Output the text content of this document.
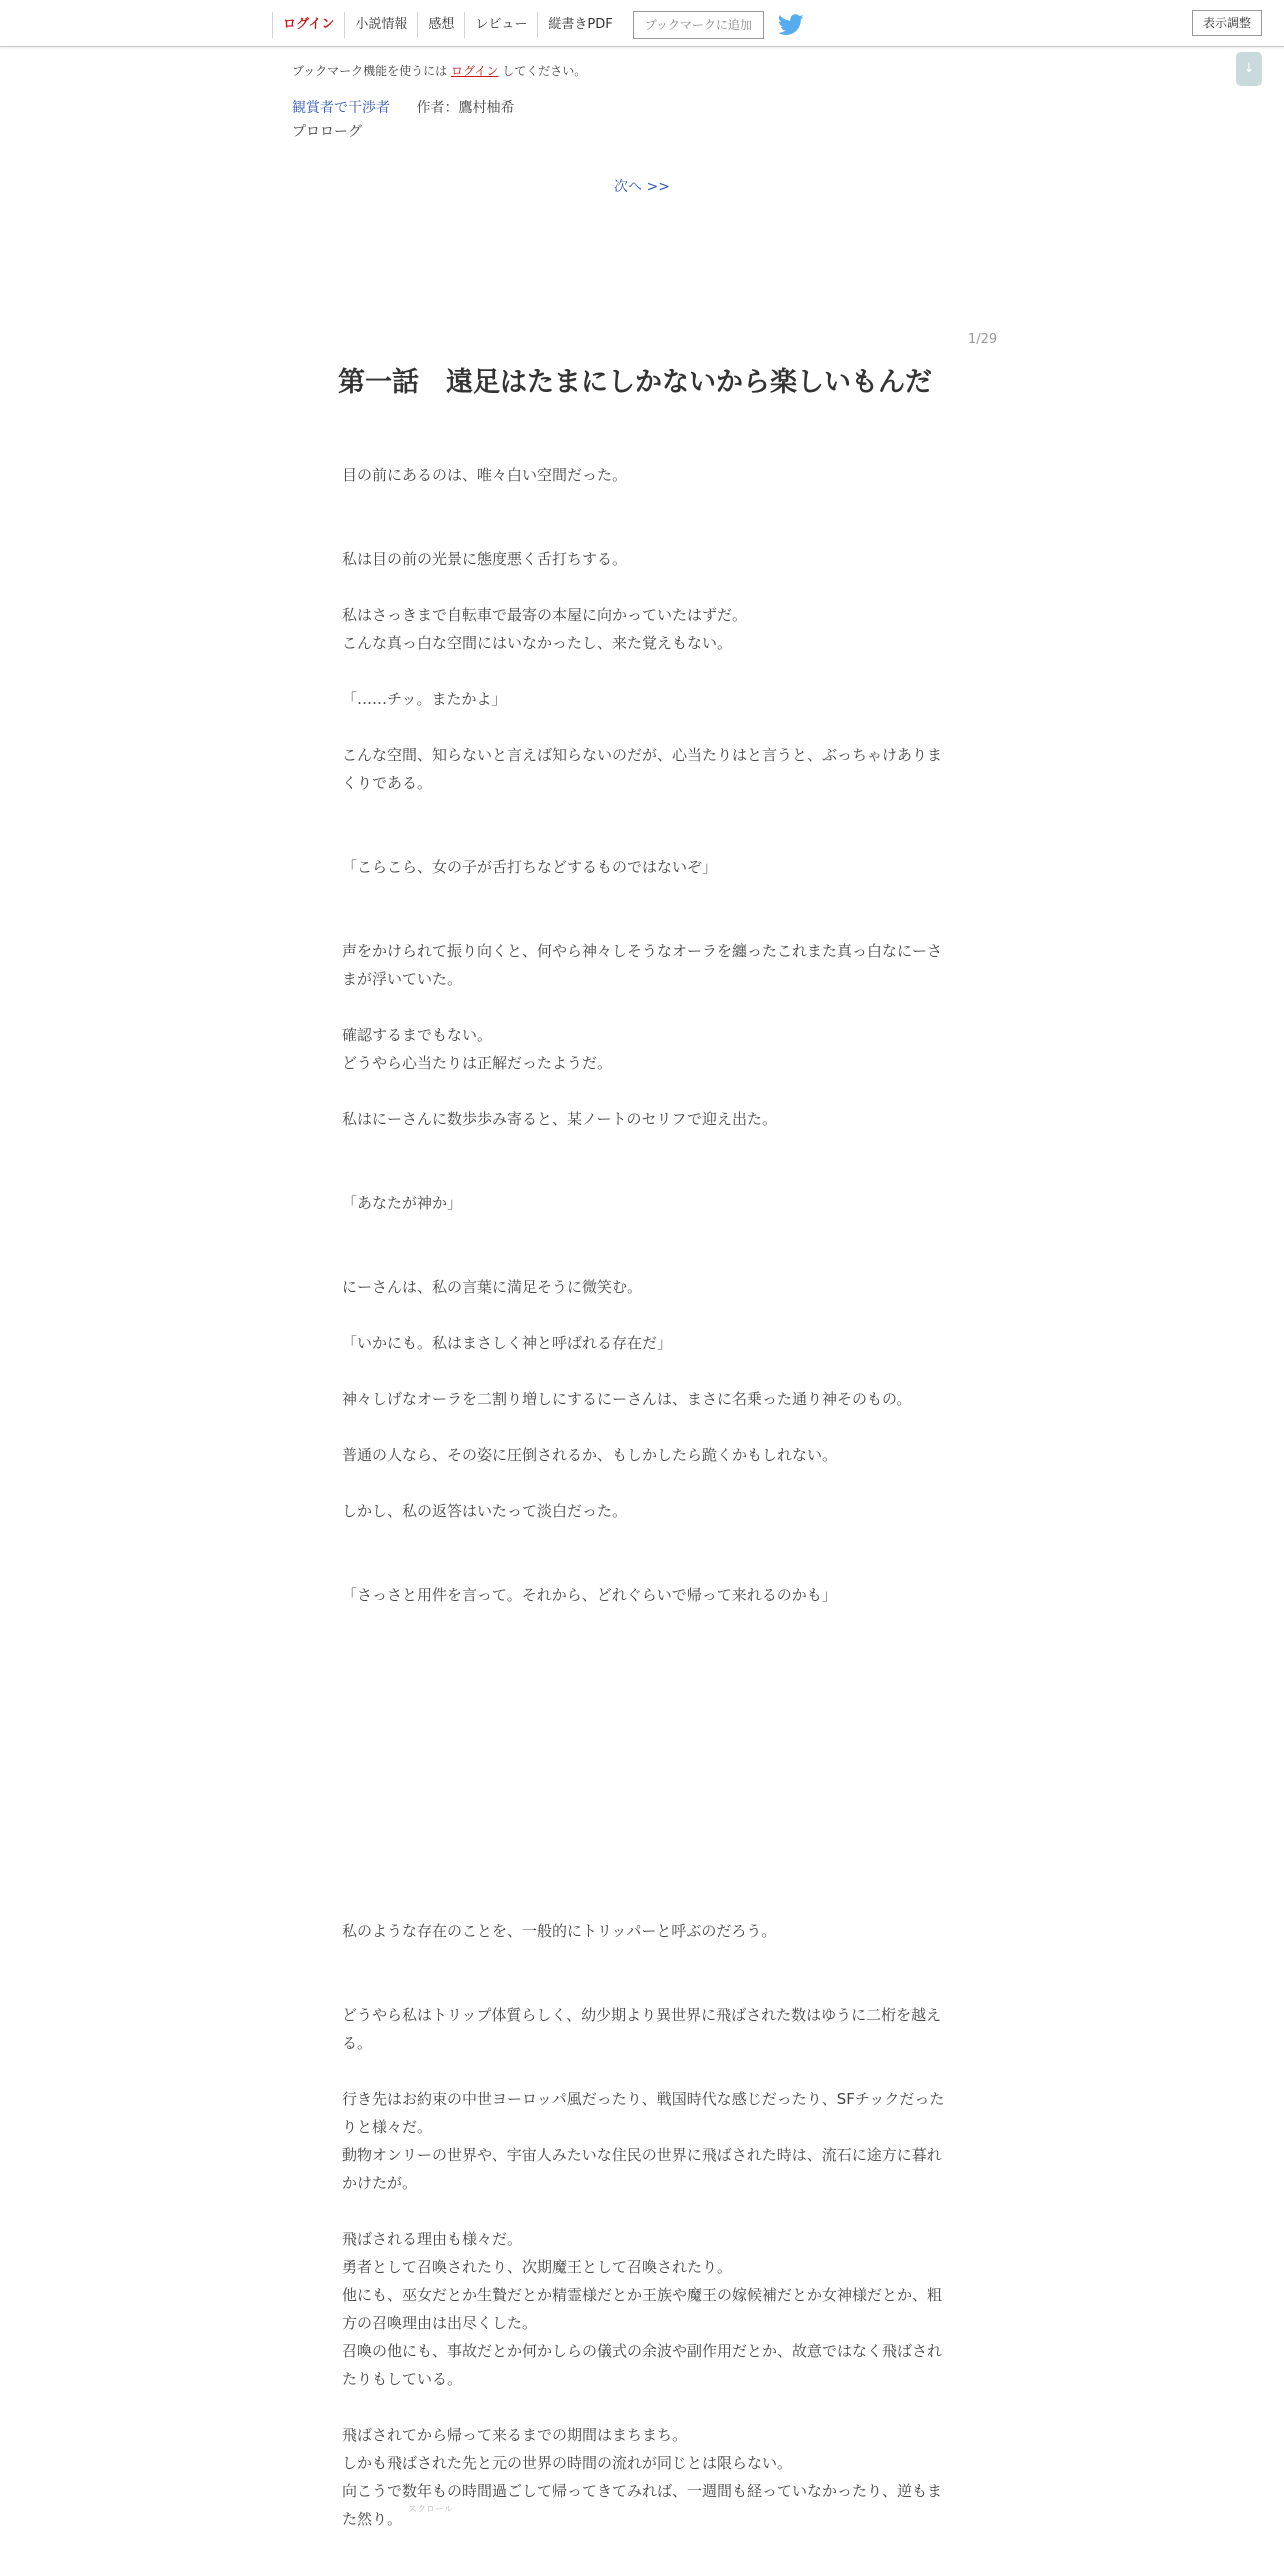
ログイン	小説情報	感想	レビュー	縦書きPDF	ブックマークに追加	表示調整
↓
ブックマーク機能を使うには ログイン してください。
観賞者で干渉者 作者：鷹村柚希
プロローグ
次へ >>
1/29
第一話　遠足はたまにしかないから楽しいもんだ

目の前にあるのは、唯々白い空間だった。

私は目の前の光景に態度悪く舌打ちする。

私はさっきまで自転車で最寄の本屋に向かっていたはずだ。

こんな真っ白な空間にはいなかったし、来た覚えもない。

「……チッ。またかよ」

こんな空間、知らないと言えば知らないのだが、心当たりはと言うと、ぶっちゃけありまくりである。

「こらこら、女の子が舌打ちなどするものではないぞ」

声をかけられて振り向くと、何やら神々しそうなオーラを纏ったこれまた真っ白なにーさまが浮いていた。

確認するまでもない。

どうやら心当たりは正解だったようだ。

私はにーさんに数歩歩み寄ると、某ノートのセリフで迎え出た。

「あなたが神か」

にーさんは、私の言葉に満足そうに微笑む。

「いかにも。私はまさしく神と呼ばれる存在だ」

神々しげなオーラを二割り増しにするにーさんは、まさに名乗った通り神そのもの。

普通の人なら、その姿に圧倒されるか、もしかしたら跪くかもしれない。

しかし、私の返答はいたって淡白だった。

「さっさと用件を言って。それから、どれぐらいで帰って来れるのかも」

私のような存在のことを、一般的にトリッパーと呼ぶのだろう。

どうやら私はトリップ体質らしく、幼少期より異世界に飛ばされた数はゆうに二桁を越える。

行き先はお約束の中世ヨーロッパ風だったり、戦国時代な感じだったり、SFチックだったりと様々だ。

動物オンリーの世界や、宇宙人みたいな住民の世界に飛ばされた時は、流石に途方に暮れかけたが。

飛ばされる理由も様々だ。

勇者として召喚されたり、次期魔王として召喚されたり。

他にも、巫女だとか生贄だとか精霊様だとか王族や魔王の嫁候補だとか女神様だとか、粗方の召喚理由は出尽くした。

召喚の他にも、事故だとか何かしらの儀式の余波や副作用だとか、故意ではなく飛ばされたりもしている。

飛ばされてから帰って来るまでの期間はまちまち。

しかも飛ばされた先と元の世界の時間の流れが同じとは限らない。

向こうで数年もの時間過ごして帰ってきてみれば、一週間も経っていなかったり、逆もまた然り。 スクロール
